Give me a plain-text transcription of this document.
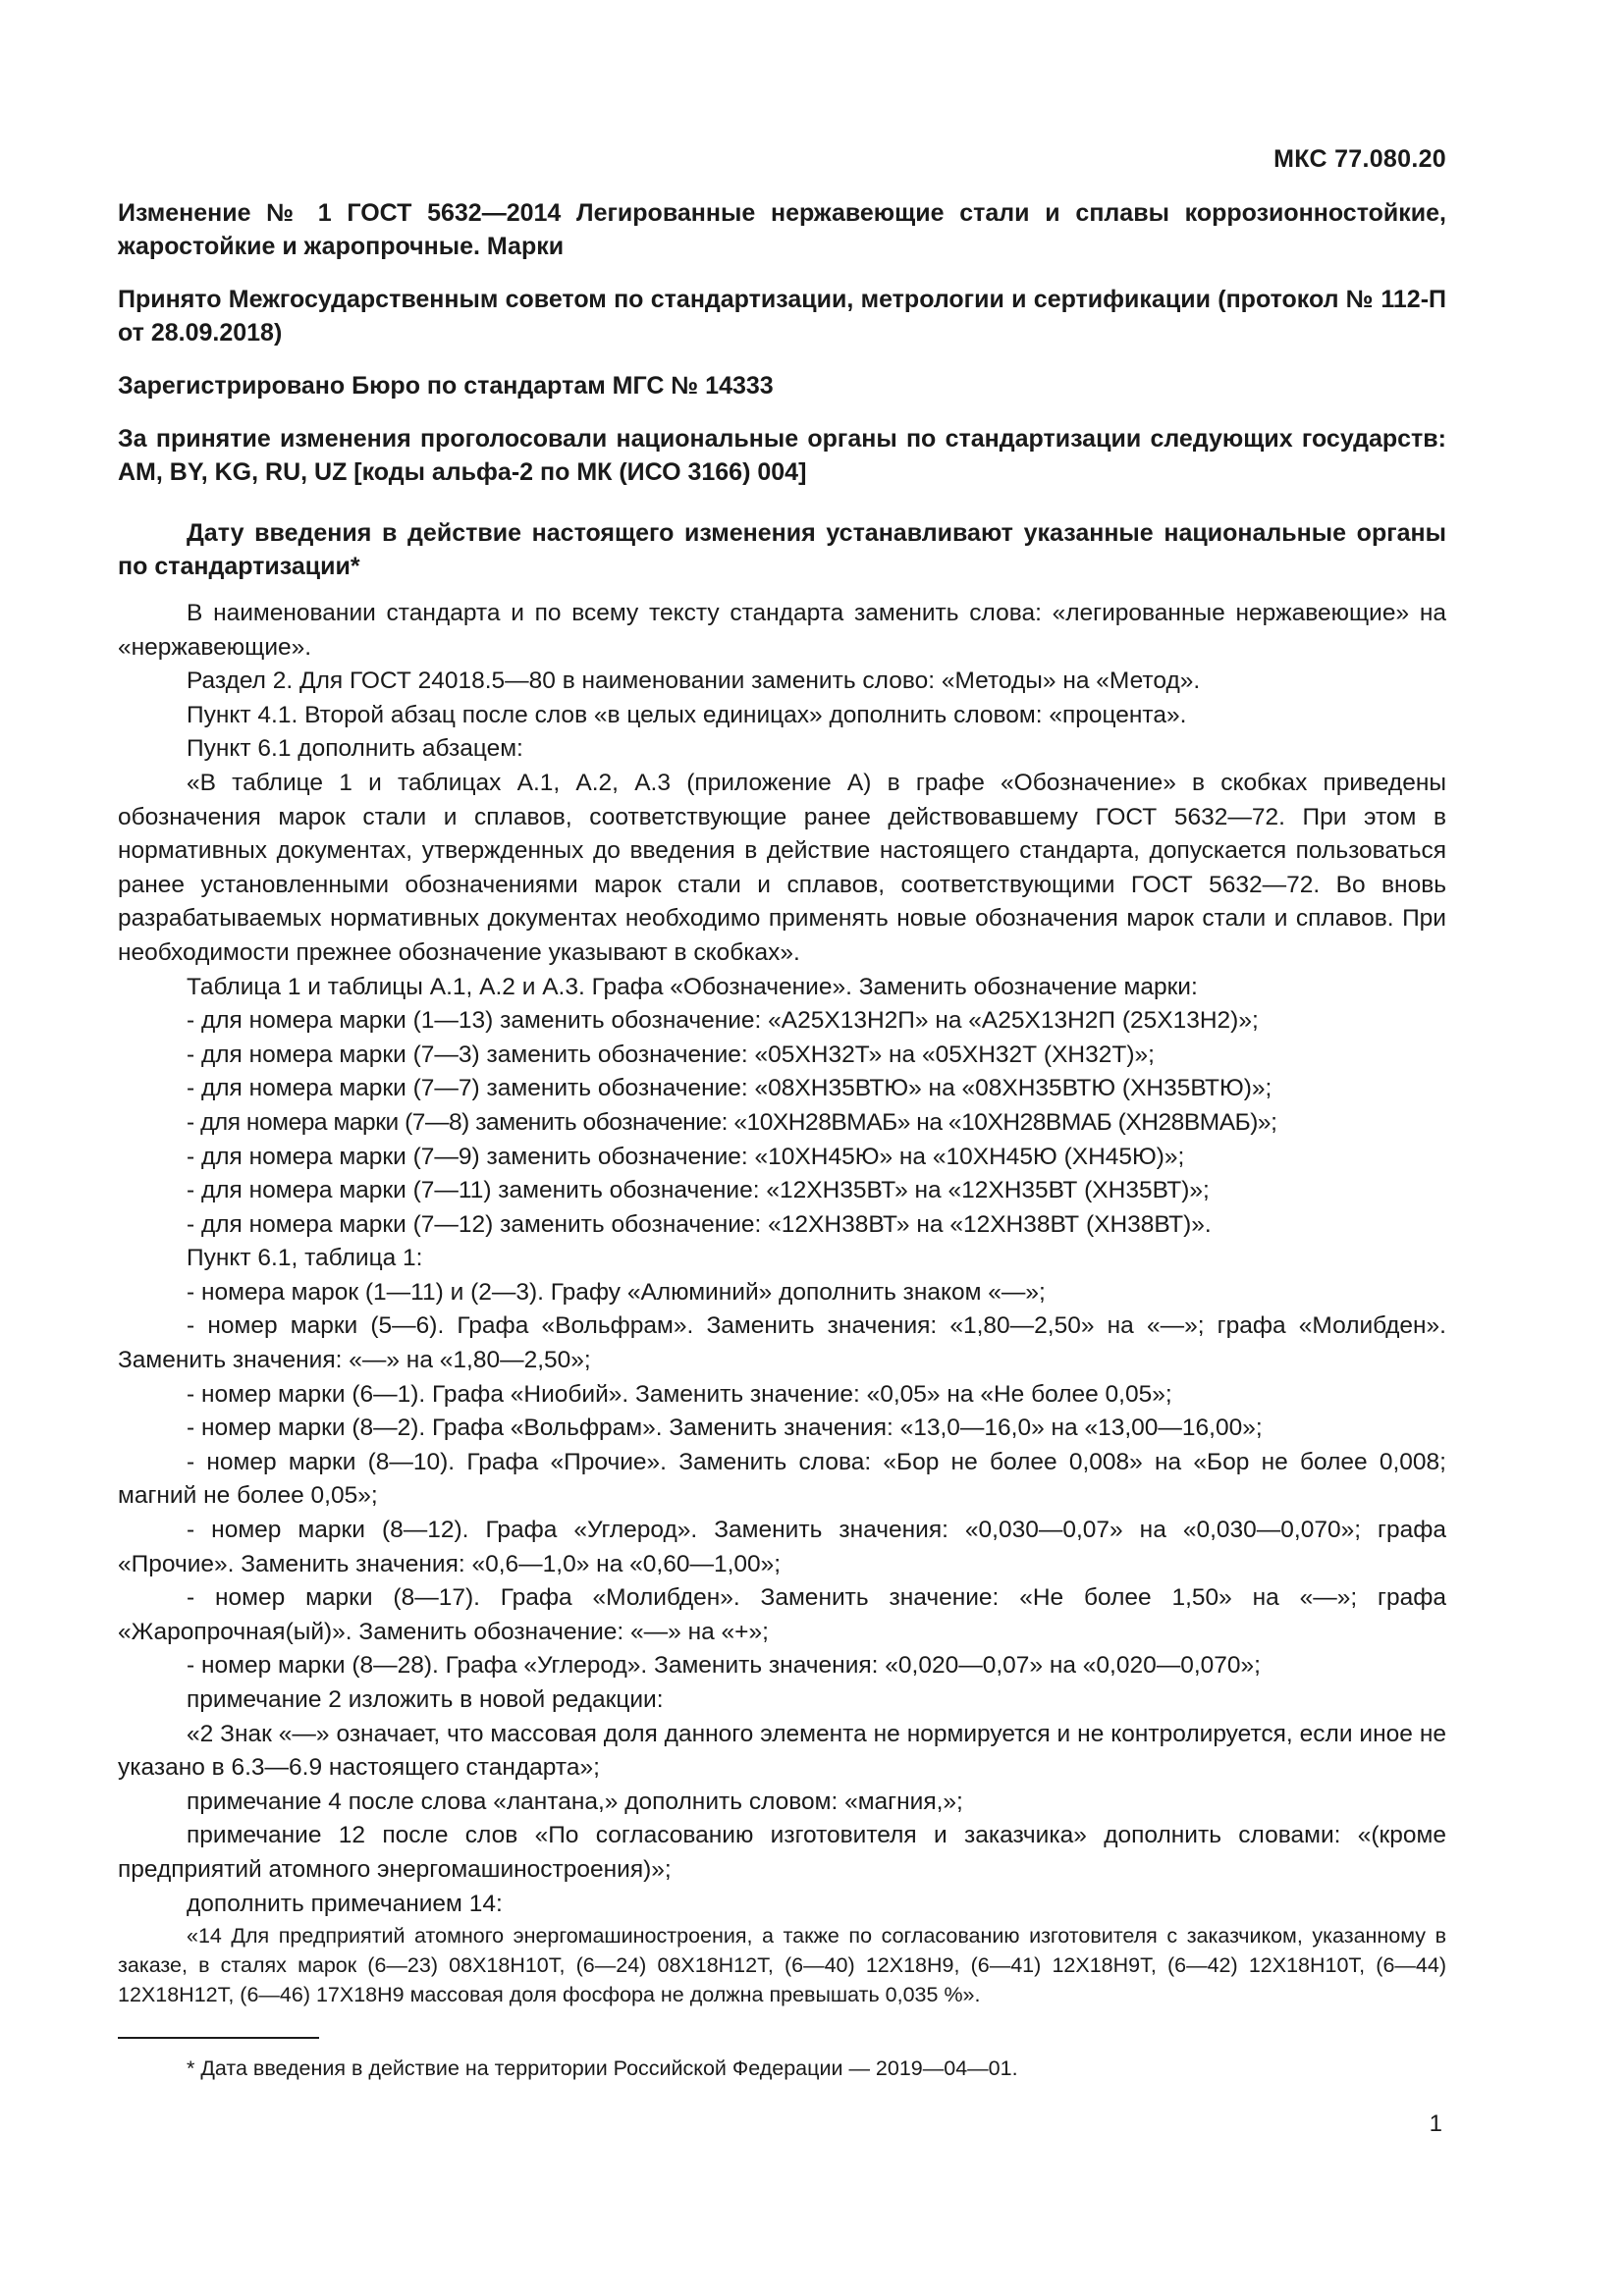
МКС 77.080.20

Изменение № 1 ГОСТ 5632—2014 Легированные нержавеющие стали и сплавы коррозионностойкие, жаростойкие и жаропрочные. Марки

Принято Межгосударственным советом по стандартизации, метрологии и сертификации (протокол № 112-П от 28.09.2018)

Зарегистрировано Бюро по стандартам МГС № 14333

За принятие изменения проголосовали национальные органы по стандартизации следующих государств: AM, BY, KG, RU, UZ [коды альфа-2 по МК (ИСО 3166) 004]

Дату введения в действие настоящего изменения устанавливают указанные национальные органы по стандартизации*

В наименовании стандарта и по всему тексту стандарта заменить слова: «легированные нержавеющие» на «нержавеющие».

Раздел 2. Для ГОСТ 24018.5—80 в наименовании заменить слово: «Методы» на «Метод».

Пункт 4.1. Второй абзац после слов «в целых единицах» дополнить словом: «процента».

Пункт 6.1 дополнить абзацем:

«В таблице 1 и таблицах А.1, А.2, А.3 (приложение А) в графе «Обозначение» в скобках приведены обозначения марок стали и сплавов, соответствующие ранее действовавшему ГОСТ 5632—72. При этом в нормативных документах, утвержденных до введения в действие настоящего стандарта, допускается пользоваться ранее установленными обозначениями марок стали и сплавов, соответствующими ГОСТ 5632—72. Во вновь разрабатываемых нормативных документах необходимо применять новые обозначения марок стали и сплавов. При необходимости прежнее обозначение указывают в скобках».

Таблица 1 и таблицы А.1, А.2 и А.3. Графа «Обозначение». Заменить обозначение марки:

- для номера марки (1—13) заменить обозначение: «А25Х13Н2П» на «А25Х13Н2П (25Х13Н2)»;

- для номера марки (7—3) заменить обозначение: «05ХН32Т» на «05ХН32Т (ХН32Т)»;

- для номера марки (7—7) заменить обозначение: «08ХН35ВТЮ» на «08ХН35ВТЮ (ХН35ВТЮ)»;

- для номера марки (7—8) заменить обозначение: «10ХН28ВМАБ» на «10ХН28ВМАБ (ХН28ВМАБ)»;

- для номера марки (7—9) заменить обозначение: «10ХН45Ю» на «10ХН45Ю (ХН45Ю)»;

- для номера марки (7—11) заменить обозначение: «12ХН35ВТ» на «12ХН35ВТ (ХН35ВТ)»;

- для номера марки (7—12) заменить обозначение: «12ХН38ВТ» на «12ХН38ВТ (ХН38ВТ)».

Пункт 6.1, таблица 1:

- номера марок (1—11) и (2—3). Графу «Алюминий» дополнить знаком «—»;

- номер марки (5—6). Графа «Вольфрам». Заменить значения: «1,80—2,50» на «—»; графа «Молибден». Заменить значения: «—» на «1,80—2,50»;

- номер марки (6—1). Графа «Ниобий». Заменить значение: «0,05» на «Не более 0,05»;

- номер марки (8—2). Графа «Вольфрам». Заменить значения: «13,0—16,0» на «13,00—16,00»;

- номер марки (8—10). Графа «Прочие». Заменить слова: «Бор не более 0,008» на «Бор не более 0,008; магний не более 0,05»;

- номер марки (8—12). Графа «Углерод». Заменить значения: «0,030—0,07» на «0,030—0,070»; графа «Прочие». Заменить значения: «0,6—1,0» на «0,60—1,00»;

- номер марки (8—17). Графа «Молибден». Заменить значение: «Не более 1,50» на «—»; графа «Жаропрочная(ый)». Заменить обозначение: «—» на «+»;

- номер марки (8—28). Графа «Углерод». Заменить значения: «0,020—0,07» на «0,020—0,070»;

примечание 2 изложить в новой редакции:

«2 Знак «—» означает, что массовая доля данного элемента не нормируется и не контролируется, если иное не указано в 6.3—6.9 настоящего стандарта»;

примечание 4 после слова «лантана,» дополнить словом: «магния,»;

примечание 12 после слов «По согласованию изготовителя и заказчика» дополнить словами: «(кроме предприятий атомного энергомашиностроения)»;

дополнить примечанием 14:

«14 Для предприятий атомного энергомашиностроения, а также по согласованию изготовителя с заказчиком, указанному в заказе, в сталях марок (6—23) 08Х18Н10Т, (6—24) 08Х18Н12Т, (6—40) 12Х18Н9, (6—41) 12Х18Н9Т, (6—42) 12Х18Н10Т, (6—44) 12Х18Н12Т, (6—46) 17Х18Н9 массовая доля фосфора не должна превышать 0,035 %».

* Дата введения в действие на территории Российской Федерации — 2019—04—01.
1
